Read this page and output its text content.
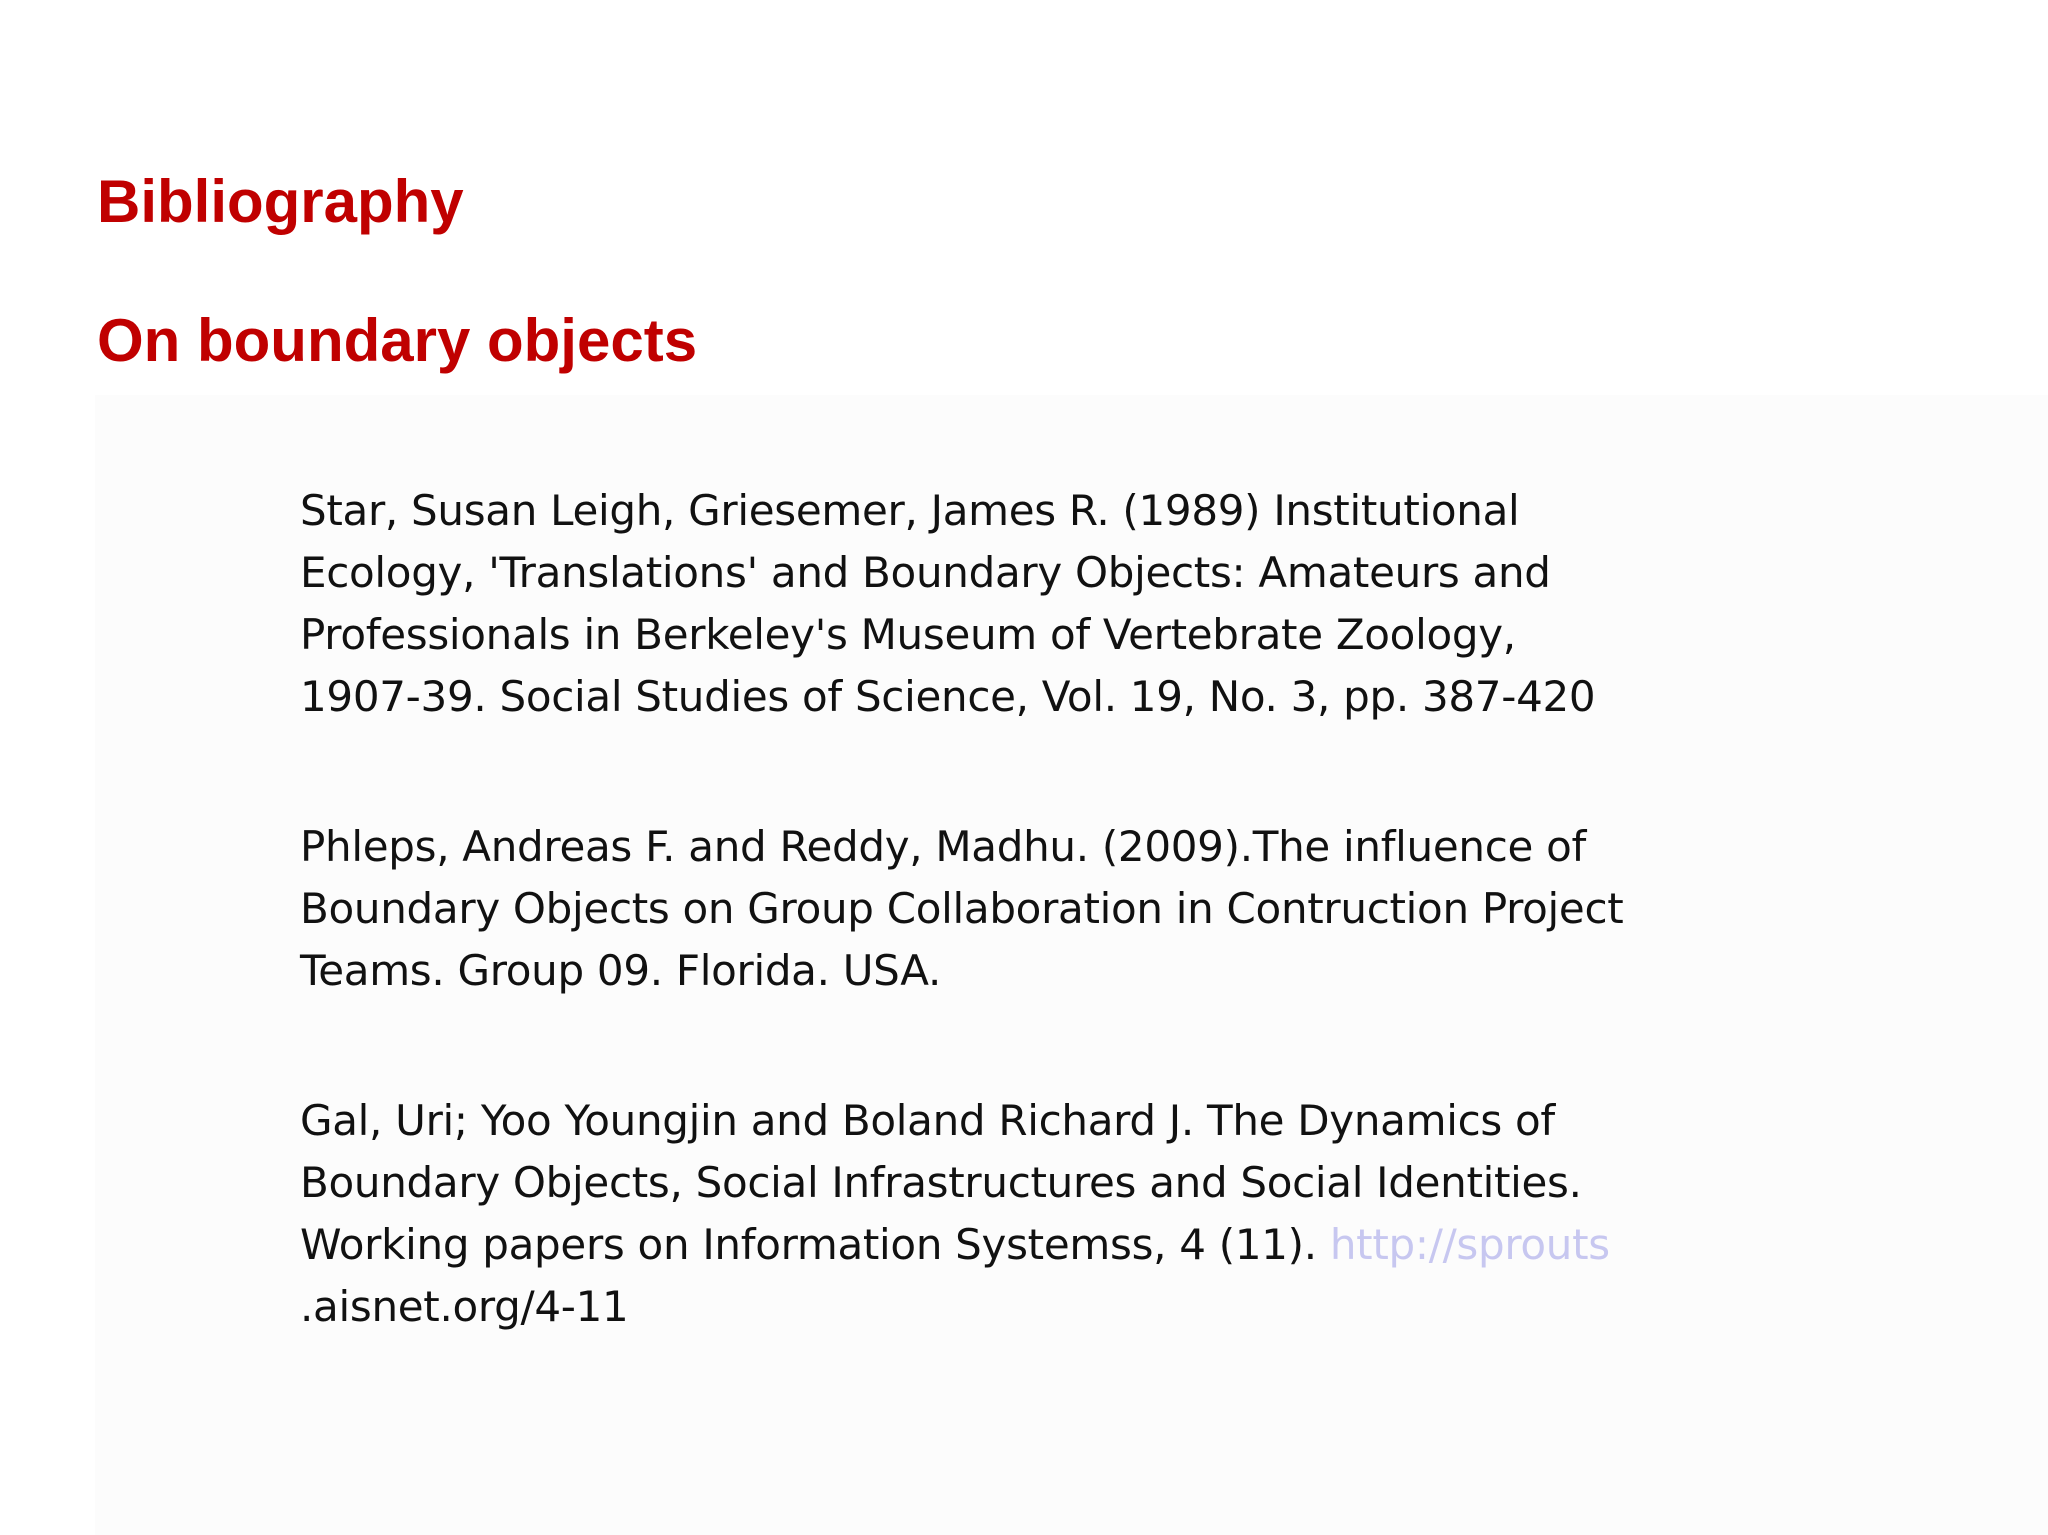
Bibliography
On boundary objects

Star, Susan Leigh, Griesemer, James R. (1989) Institutional
Ecology, 'Translations' and Boundary Objects: Amateurs and
Professionals in Berkeley's Museum of Vertebrate Zoology,
1907-39. Social Studies of Science, Vol. 19, No. 3, pp. 387-420

Phleps, Andreas F. and Reddy, Madhu. (2009).The influence of
Boundary Objects on Group Collaboration in Contruction Project
Teams. Group 09. Florida. USA.

Gal, Uri; Yoo Youngjin and Boland Richard J. The Dynamics of
Boundary Objects, Social Infrastructures and Social Identities.
Working papers on Information Systemss, 4 (11). http://sprouts
.aisnet.org/4-11
